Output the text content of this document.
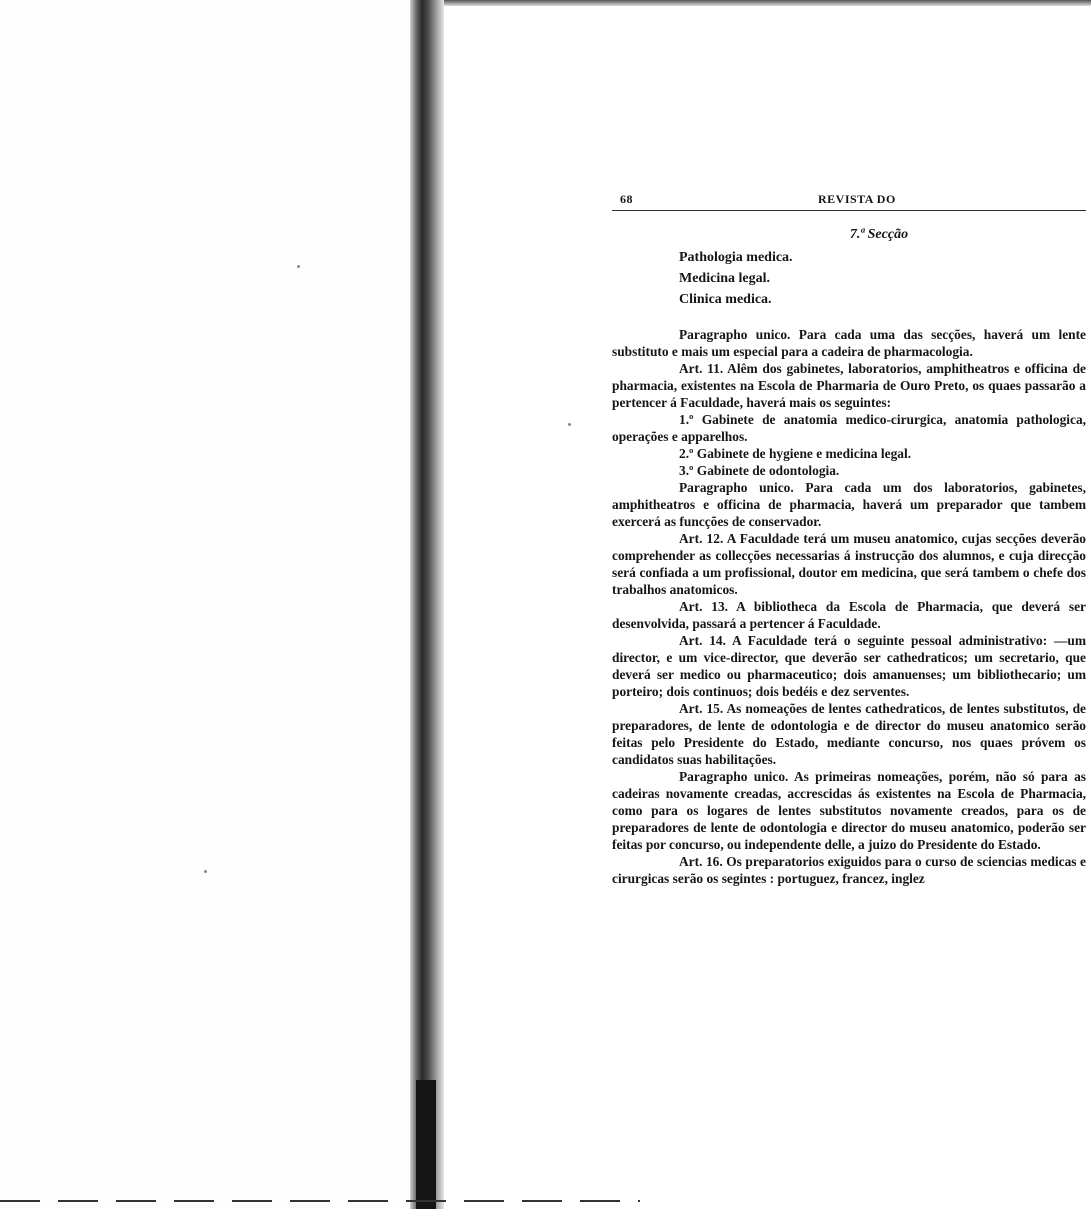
68	REVISTA DO
7.ª Secção
Pathologia medica.
Medicina legal.
Clinica medica.

Paragrapho unico. Para cada uma das secções, haverá um lente substituto e mais um especial para a cadeira de pharmacologia.

Art. 11. Alêm dos gabinetes, laboratorios, amphitheatros e officina de pharmacia, existentes na Escola de Pharmaria de Ouro Preto, os quaes passarão a pertencer á Faculdade, haverá mais os seguintes:

1.º Gabinete de anatomia medico-cirurgica, anatomia pathologica, operações e apparelhos.

2.º Gabinete de hygiene e medicina legal.

3.º Gabinete de odontologia.

Paragrapho unico. Para cada um dos laboratorios, gabinetes, amphitheatros e officina de pharmacia, haverá um preparador que tambem exercerá as funcções de conservador.

Art. 12. A Faculdade terá um museu anatomico, cujas secções deverão comprehender as collecções necessarias á instrucção dos alumnos, e cuja direcção será confiada a um profissional, doutor em medicina, que será tambem o chefe dos trabalhos anatomicos.

Art. 13. A bibliotheca da Escola de Pharmacia, que deverá ser desenvolvida, passará a pertencer á Faculdade.

Art. 14. A Faculdade terá o seguinte pessoal administrativo: —um director, e um vice-director, que deverão ser cathedraticos; um secretario, que deverá ser medico ou pharmaceutico; dois amanuenses; um bibliothecario; um porteiro; dois continuos; dois bedéis e dez serventes.

Art. 15. As nomeações de lentes cathedraticos, de lentes substitutos, de preparadores, de lente de odontologia e de director do museu anatomico serão feitas pelo Presidente do Estado, mediante concurso, nos quaes próvem os candidatos suas habilitações.

Paragrapho unico. As primeiras nomeações, porém, não só para as cadeiras novamente creadas, accrescidas ás existentes na Escola de Pharmacia, como para os logares de lentes substitutos novamente creados, para os de preparadores de lente de odontologia e director do museu anatomico, poderão ser feitas por concurso, ou independente delle, a juizo do Presidente do Estado.

Art. 16. Os preparatorios exiguidos para o curso de sciencias medicas e cirurgicas serão os segintes : portuguez, francez, inglez
